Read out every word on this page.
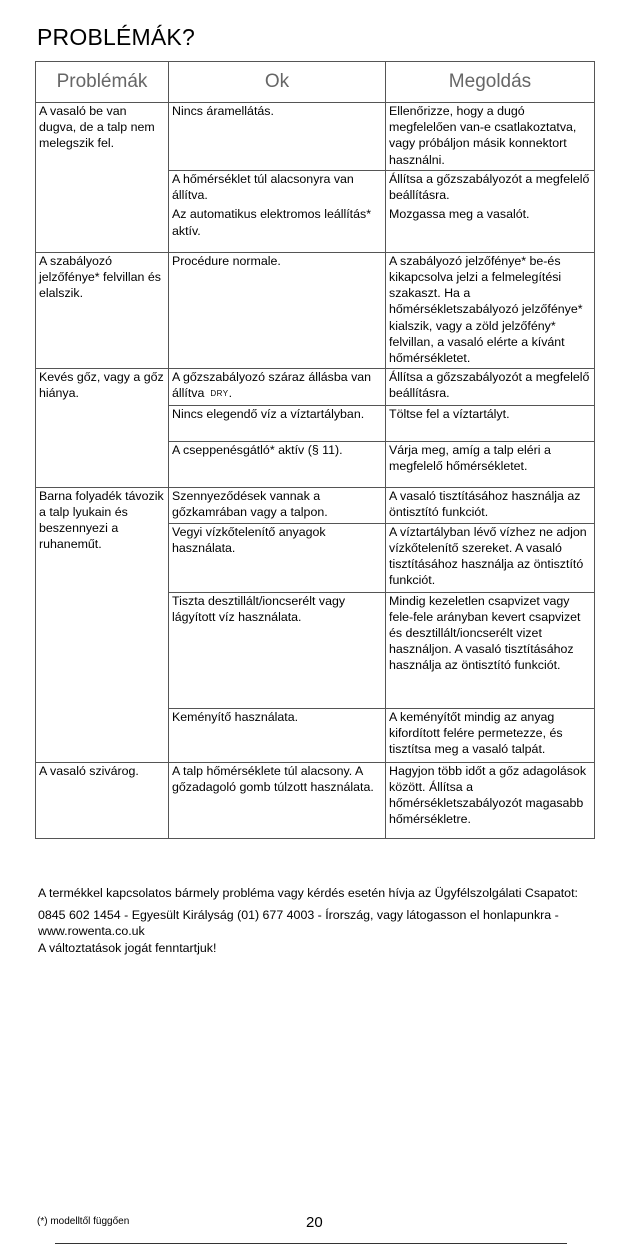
PROBLÉMÁK?
Problémák	Ok	Megoldás
A vasaló be van dugva, de a talp nem melegszik fel.	Nincs áramellátás.	Ellenőrizze, hogy a dugó megfelelően van-e csatlakoztatva, vagy próbáljon másik konnektort használni.
	A hőmérséklet túl alacsonyra van állítva.	Állítsa a gőzszabályozót a megfelelő beállításra.
	Az automatikus elektromos leállítás* aktív.	Mozgassa meg a vasalót.
A szabályozó jelzőfénye* felvillan és elalszik.	Procédure normale.	A szabályozó jelzőfénye* be-és kikapcsolva jelzi a felmelegítési szakaszt. Ha a hőmérsékletszabályozó jelzőfénye* kialszik, vagy a zöld jelzőfény* felvillan, a vasaló elérte a kívánt hőmérsékletet.
Kevés gőz, vagy a gőz hiánya.	A gőzszabályozó száraz állásba van állítva DRY.	Állítsa a gőzszabályozót a megfelelő beállításra.
	Nincs elegendő víz a víztartályban.	Töltse fel a víztartályt.
	A cseppenésgátló* aktív (§ 11).	Várja meg, amíg a talp eléri a megfelelő hőmérsékletet.
Barna folyadék távozik a talp lyukain és beszennyezi a ruhaneműt.	Szennyeződések vannak a gőzkamrában vagy a talpon.	A vasaló tisztításához használja az öntisztító funkciót.
	Vegyi vízkőtelenítő anyagok használata.	A víztartályban lévő vízhez ne adjon vízkőtelenítő szereket. A vasaló tisztításához használja az öntisztító funkciót.
	Tiszta desztillált/ioncserélt vagy lágyított víz használata.	Mindig kezeletlen csapvizet vagy fele-fele arányban kevert csapvizet és desztillált/ioncserélt vizet használjon. A vasaló tisztításához használja az öntisztító funkciót.
	Keményítő használata.	A keményítőt mindig az anyag kifordított felére permetezze, és tisztítsa meg a vasaló talpát.
A vasaló szivárog.	A talp hőmérséklete túl alacsony. A gőzadagoló gomb túlzott használata.	Hagyjon több időt a gőz adagolások között. Állítsa a hőmérsékletszabályozót magasabb hőmérsékletre.

A termékkel kapcsolatos bármely probléma vagy kérdés esetén hívja az Ügyfélszolgálati Csapatot:

0845 602 1454 - Egyesült Királyság (01) 677 4003 - Írország, vagy látogasson el honlapunkra - www.rowenta.co.uk

A változtatások jogát fenntartjuk!

(*) modelltől függően	20
